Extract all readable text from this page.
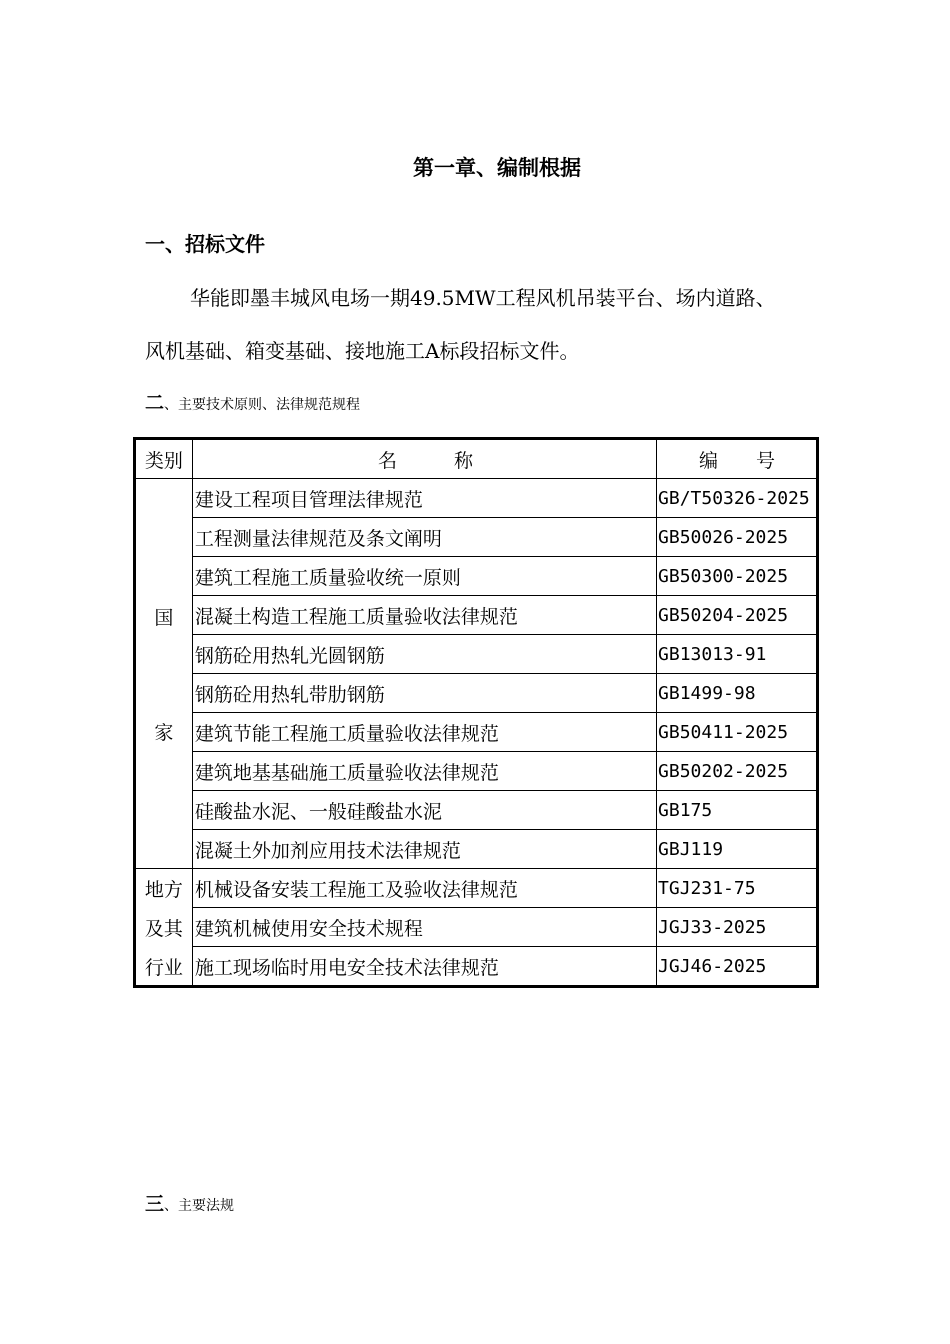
第一章、编制根据
一、招标文件
华能即墨丰城风电场一期49.5MW工程风机吊装平台、场内道路、
风机基础、箱变基础、接地施工A标段招标文件。
二、主要技术原则、法律规范规程
类别	名　　　称	编　　号

国
家	建设工程项目管理法律规范	GB/T50326-2025
	工程测量法律规范及条文阐明	GB50026-2025
	建筑工程施工质量验收统一原则	GB50300-2025
	混凝土构造工程施工质量验收法律规范	GB50204-2025
	钢筋砼用热轧光圆钢筋	GB13013-91
	钢筋砼用热轧带肋钢筋	GB1499-98
	建筑节能工程施工质量验收法律规范	GB50411-2025
	建筑地基基础施工质量验收法律规范	GB50202-2025
	硅酸盐水泥、一般硅酸盐水泥	GB175
	混凝土外加剂应用技术法律规范	GBJ119

地方
及其
行业	机械设备安装工程施工及验收法律规范	TGJ231-75
	建筑机械使用安全技术规程	JGJ33-2025
	施工现场临时用电安全技术法律规范	JGJ46-2025
三、主要法规
